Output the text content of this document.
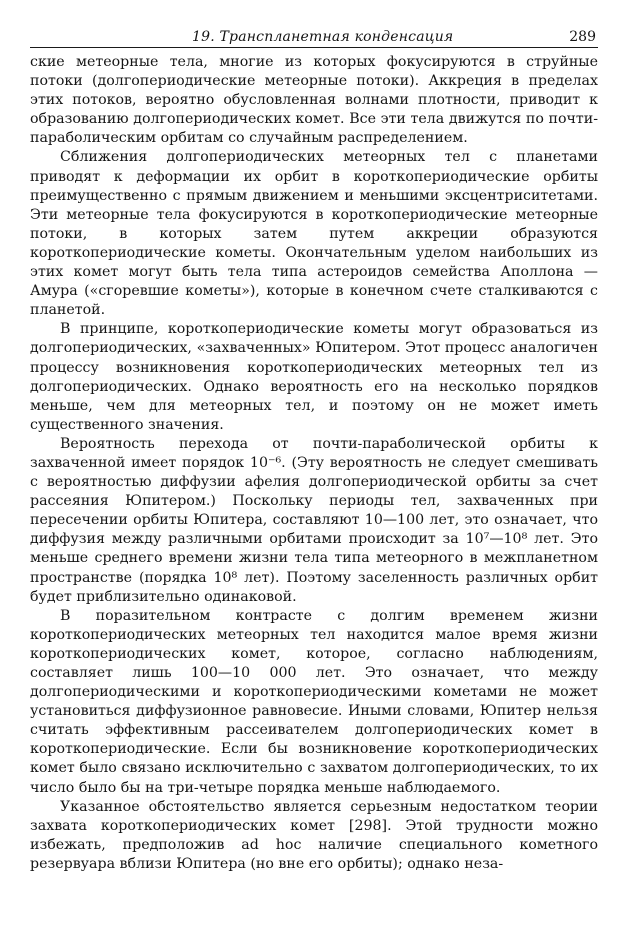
19. Транспланетная конденсация	289

ские метеорные тела, многие из которых фокусируются в струйные потоки (долгопериодические метеорные потоки). Аккреция в пределах этих потоков, вероятно обусловленная волнами плотности, приводит к образованию долгопериодических комет. Все эти тела движутся по почти-параболическим орбитам со случайным распределением.

Сближения долгопериодических метеорных тел с планетами приводят к деформации их орбит в короткопериодические орбиты преимущественно с прямым движением и меньшими эксцентриситетами. Эти метеорные тела фокусируются в короткопериодические метеорные потоки, в которых затем путем аккреции образуются короткопериодические кометы. Окончательным уделом наибольших из этих комет могут быть тела типа астероидов семейства Аполлона — Амура («сгоревшие кометы»), которые в конечном счете сталкиваются с планетой.

В принципе, короткопериодические кометы могут образоваться из долгопериодических, «захваченных» Юпитером. Этот процесс аналогичен процессу возникновения короткопериодических метеорных тел из долгопериодических. Однако вероятность его на несколько порядков меньше, чем для метеорных тел, и поэтому он не может иметь существенного значения.

Вероятность перехода от почти-параболической орбиты к захваченной имеет порядок 10⁻⁶. (Эту вероятность не следует смешивать с вероятностью диффузии афелия долгопериодической орбиты за счет рассеяния Юпитером.) Поскольку периоды тел, захваченных при пересечении орбиты Юпитера, составляют 10—100 лет, это означает, что диффузия между различными орбитами происходит за 10⁷—10⁸ лет. Это меньше среднего времени жизни тела типа метеорного в межпланетном пространстве (порядка 10⁸ лет). Поэтому заселенность различных орбит будет приблизительно одинаковой.

В поразительном контрасте с долгим временем жизни короткопериодических метеорных тел находится малое время жизни короткопериодических комет, которое, согласно наблюдениям, составляет лишь 100—10 000 лет. Это означает, что между долгопериодическими и короткопериодическими кометами не может установиться диффузионное равновесие. Иными словами, Юпитер нельзя считать эффективным рассеивателем долгопериодических комет в короткопериодические. Если бы возникновение короткопериодических комет было связано исключительно с захватом долгопериодических, то их число было бы на три-четыре порядка меньше наблюдаемого.

Указанное обстоятельство является серьезным недостатком теории захвата короткопериодических комет [298]. Этой трудности можно избежать, предположив ad hoc наличие специального кометного резервуара вблизи Юпитера (но вне его орбиты); однако неза-
